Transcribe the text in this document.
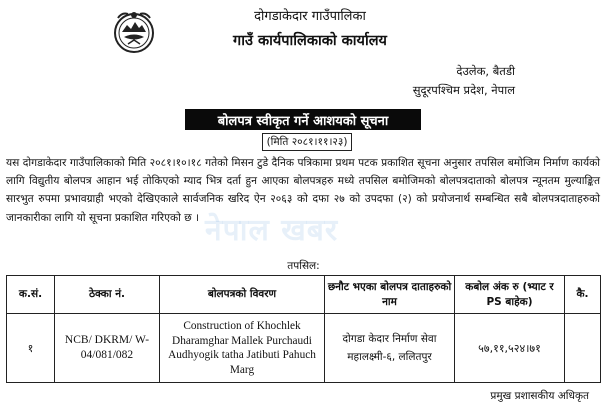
दोगडाकेदार गाउँपालिका
गाउँ कार्यपालिकाको कार्यालय
देउलेक, बैतडी
सुदूरपश्चिम प्रदेश, नेपाल
बोलपत्र स्वीकृत गर्ने आशयको सूचना
(मिति २०८१।११।२३)
नेपाल खबर
यस दोगडाकेदार गाउँपालिकाको मिति २०८१।१०।१८ गतेको मिसन टुडे दैनिक पत्रिकामा प्रथम पटक प्रकाशित सूचना अनुसार तपसिल बमोजिम निर्माण कार्यको लागि विद्युतीय बोलपत्र आहान भई तोकिएको म्याद भित्र दर्ता हुन आएका बोलपत्रहरु मध्ये तपसिल बमोजिमको बोलपत्रदाताको बोलपत्र न्यूनतम मुल्याङ्कित सारभुत रुपमा प्रभावग्राही भएको देखिएकाले सार्वजनिक खरिद ऐन २०६३ को दफा २७ को उपदफा (२) को प्रयोजनार्थ सम्बन्धित सबै बोलपत्रदाताहरुको जानकारीका लागि यो सूचना प्रकाशित गरिएको छ ।
तपसिल:
क.सं.	ठेक्का नं.	बोलपत्रको विवरण	छनौट भएका बोलपत्र दाताहरुको नाम	कबोल अंक रु (भ्याट र PS बाहेक)	कै.
१	NCB/ DKRM/ W-04/081/082	Construction of Khochlek Dharamghar Mallek Purchaudi Audhyogik tatha Jatibuti Pahuch Marg	दोगडा केदार निर्माण सेवा महालक्ष्मी-६, ललितपुर	५७,११,५२४।७१	
प्रमुख प्रशासकीय अधिकृत
